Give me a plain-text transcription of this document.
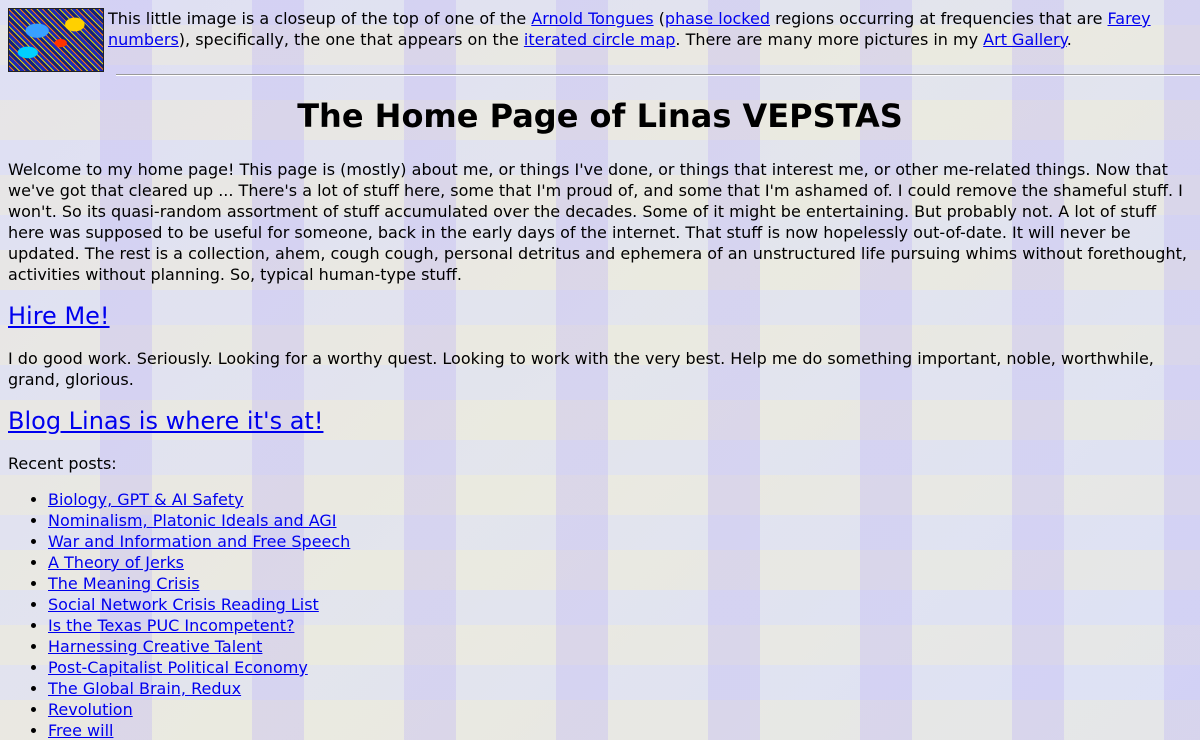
This little image is a closeup of the top of one of the Arnold Tongues (phase locked regions occurring at frequencies that are Farey numbers), specifically, the one that appears on the iterated circle map. There are many more pictures in my Art Gallery.
The Home Page of Linas VEPSTAS

Welcome to my home page! This page is (mostly) about me, or things I've done, or things that interest me, or other me-related things. Now that we've got that cleared up ... There's a lot of stuff here, some that I'm proud of, and some that I'm ashamed of. I could remove the shameful stuff. I won't. So its quasi-random assortment of stuff accumulated over the decades. Some of it might be entertaining. But probably not. A lot of stuff here was supposed to be useful for someone, back in the early days of the internet. That stuff is now hopelessly out-of-date. It will never be updated. The rest is a collection, ahem, cough cough, personal detritus and ephemera of an unstructured life pursuing whims without forethought, activities without planning. So, typical human-type stuff.

Hire Me!

I do good work. Seriously. Looking for a worthy quest. Looking to work with the very best. Help me do something important, noble, worthwhile, grand, glorious.

Blog Linas is where it's at!

Recent posts:

• Biology, GPT & AI Safety
• Nominalism, Platonic Ideals and AGI
• War and Information and Free Speech
• A Theory of Jerks
• The Meaning Crisis
• Social Network Crisis Reading List
• Is the Texas PUC Incompetent?
• Harnessing Creative Talent
• Post-Capitalist Political Economy
• The Global Brain, Redux
• Revolution
• Free will
